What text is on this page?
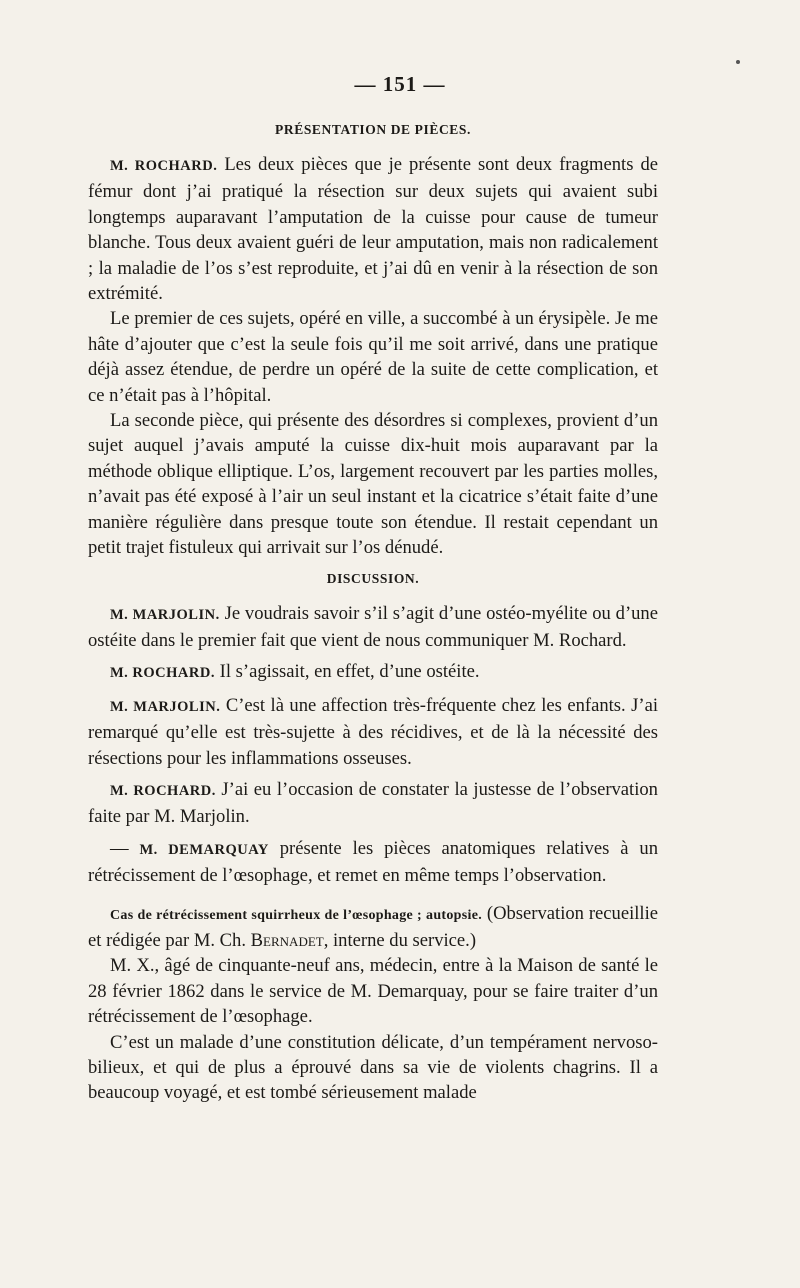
— 151 —
PRÉSENTATION DE PIÈCES.

M. ROCHARD. Les deux pièces que je présente sont deux fragments de fémur dont j’ai pratiqué la résection sur deux sujets qui avaient subi longtemps auparavant l’amputation de la cuisse pour cause de tumeur blanche. Tous deux avaient guéri de leur amputation, mais non radicalement ; la maladie de l’os s’est reproduite, et j’ai dû en venir à la résection de son extrémité.

Le premier de ces sujets, opéré en ville, a succombé à un érysipèle. Je me hâte d’ajouter que c’est la seule fois qu’il me soit arrivé, dans une pratique déjà assez étendue, de perdre un opéré de la suite de cette complication, et ce n’était pas à l’hôpital.

La seconde pièce, qui présente des désordres si complexes, provient d’un sujet auquel j’avais amputé la cuisse dix-huit mois auparavant par la méthode oblique elliptique. L’os, largement recouvert par les parties molles, n’avait pas été exposé à l’air un seul instant et la cicatrice s’était faite d’une manière régulière dans presque toute son étendue. Il restait cependant un petit trajet fistuleux qui arrivait sur l’os dénudé.

DISCUSSION.

M. MARJOLIN. Je voudrais savoir s’il s’agit d’une ostéo-myélite ou d’une ostéite dans le premier fait que vient de nous communiquer M. Rochard.

M. ROCHARD. Il s’agissait, en effet, d’une ostéite.

M. MARJOLIN. C’est là une affection très-fréquente chez les enfants. J’ai remarqué qu’elle est très-sujette à des récidives, et de là la nécessité des résections pour les inflammations osseuses.

M. ROCHARD. J’ai eu l’occasion de constater la justesse de l’observation faite par M. Marjolin.

— M. DEMARQUAY présente les pièces anatomiques relatives à un rétrécissement de l’œsophage, et remet en même temps l’observation.

Cas de rétrécissement squirrheux de l’œsophage ; autopsie. (Observation recueillie et rédigée par M. Ch. Bernadet, interne du service.)

M. X., âgé de cinquante-neuf ans, médecin, entre à la Maison de santé le 28 février 1862 dans le service de M. Demarquay, pour se faire traiter d’un rétrécissement de l’œsophage.

C’est un malade d’une constitution délicate, d’un tempérament nervoso-bilieux, et qui de plus a éprouvé dans sa vie de violents chagrins. Il a beaucoup voyagé, et est tombé sérieusement malade
